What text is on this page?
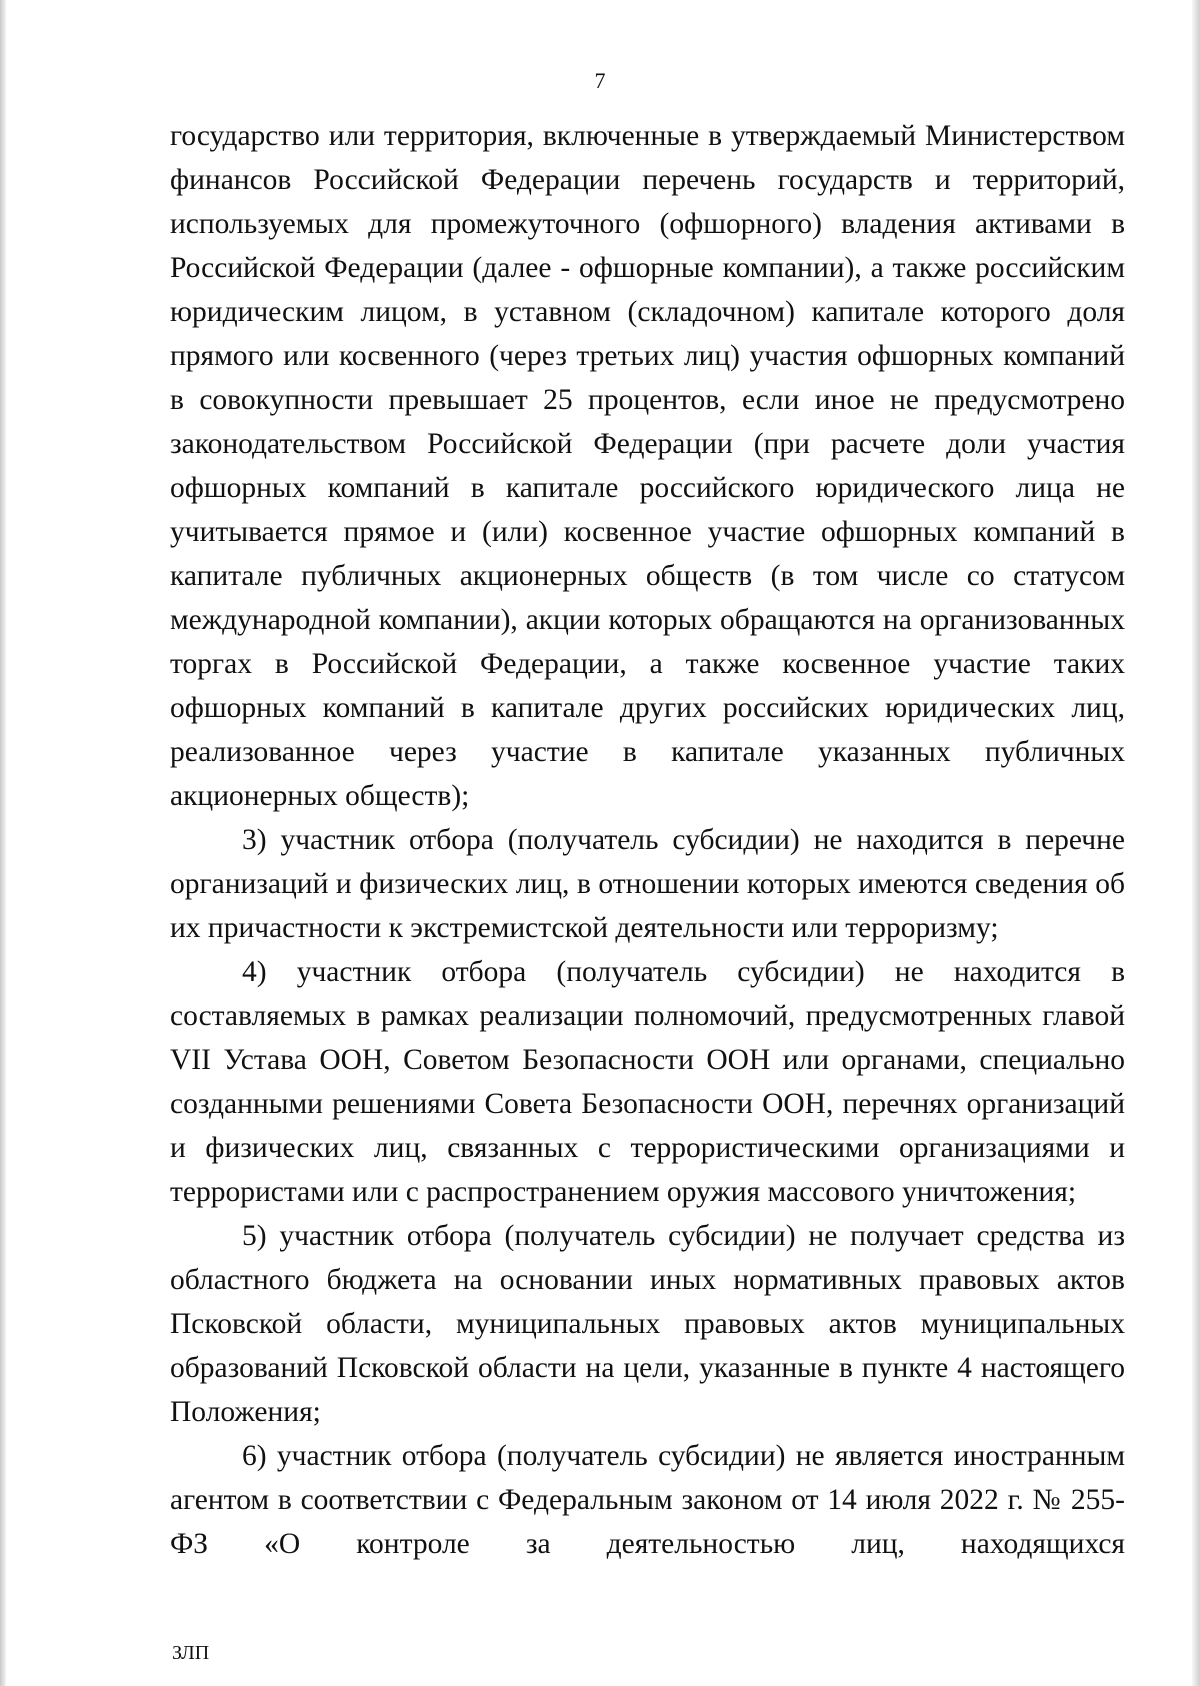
7

государство или территория, включенные в утверждаемый Министерством финансов Российской Федерации перечень государств и территорий, используемых для промежуточного (офшорного) владения активами в Российской Федерации (далее - офшорные компании), а также российским юридическим лицом, в уставном (складочном) капитале которого доля прямого или косвенного (через третьих лиц) участия офшорных компаний в совокупности превышает 25 процентов, если иное не предусмотрено законодательством Российской Федерации (при расчете доли участия офшорных компаний в капитале российского юридического лица не учитывается прямое и (или) косвенное участие офшорных компаний в капитале публичных акционерных обществ (в том числе со статусом международной компании), акции которых обращаются на организованных торгах в Российской Федерации, а также косвенное участие таких офшорных компаний в капитале других российских юридических лиц, реализованное через участие в капитале указанных публичных акционерных обществ);

3) участник отбора (получатель субсидии) не находится в перечне организаций и физических лиц, в отношении которых имеются сведения об их причастности к экстремистской деятельности или терроризму;

4) участник отбора (получатель субсидии) не находится в составляемых в рамках реализации полномочий, предусмотренных главой VII Устава ООН, Советом Безопасности ООН или органами, специально созданными решениями Совета Безопасности ООН, перечнях организаций и физических лиц, связанных с террористическими организациями и террористами или с распространением оружия массового уничтожения;

5) участник отбора (получатель субсидии) не получает средства из областного бюджета на основании иных нормативных правовых актов Псковской области, муниципальных правовых актов муниципальных образований Псковской области на цели, указанные в пункте 4 настоящего Положения;

6) участник отбора (получатель субсидии) не является иностранным агентом в соответствии с Федеральным законом от 14 июля 2022 г. № 255-ФЗ «О контроле за деятельностью лиц, находящихся

ЗЛП
